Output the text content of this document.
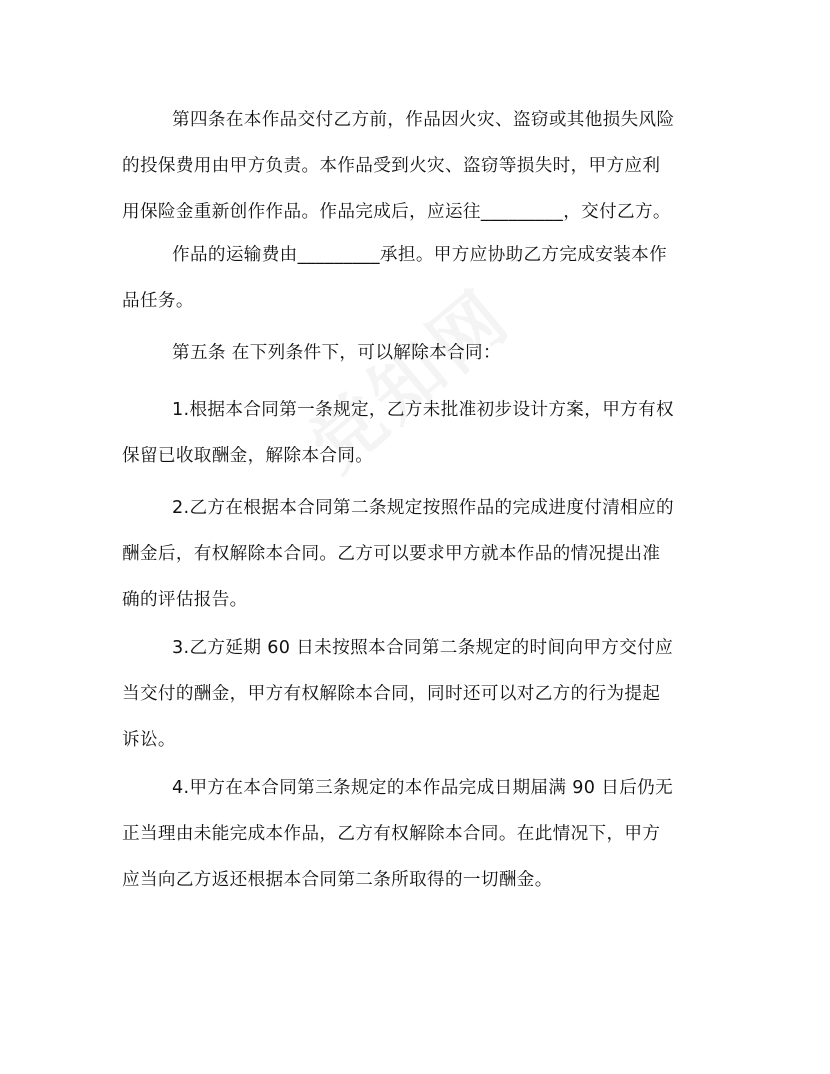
第四条在本作品交付乙方前，作品因火灾、盗窃或其他损失风险
的投保费用由甲方负责。本作品受到火灾、盗窃等损失时，甲方应利
用保险金重新创作作品。作品完成后，应运往_________，交付乙方。

作品的运输费由_________承担。甲方应协助乙方完成安装本作
品任务。

第五条 在下列条件下，可以解除本合同：

1.根据本合同第一条规定，乙方未批准初步设计方案，甲方有权
保留已收取酬金，解除本合同。

2.乙方在根据本合同第二条规定按照作品的完成进度付清相应的
酬金后，有权解除本合同。乙方可以要求甲方就本作品的情况提出准
确的评估报告。

3.乙方延期 60 日未按照本合同第二条规定的时间向甲方交付应
当交付的酬金，甲方有权解除本合同，同时还可以对乙方的行为提起
诉讼。

4.甲方在本合同第三条规定的本作品完成日期届满 90 日后仍无
正当理由未能完成本作品，乙方有权解除本合同。在此情况下，甲方
应当向乙方返还根据本合同第二条所取得的一切酬金。
